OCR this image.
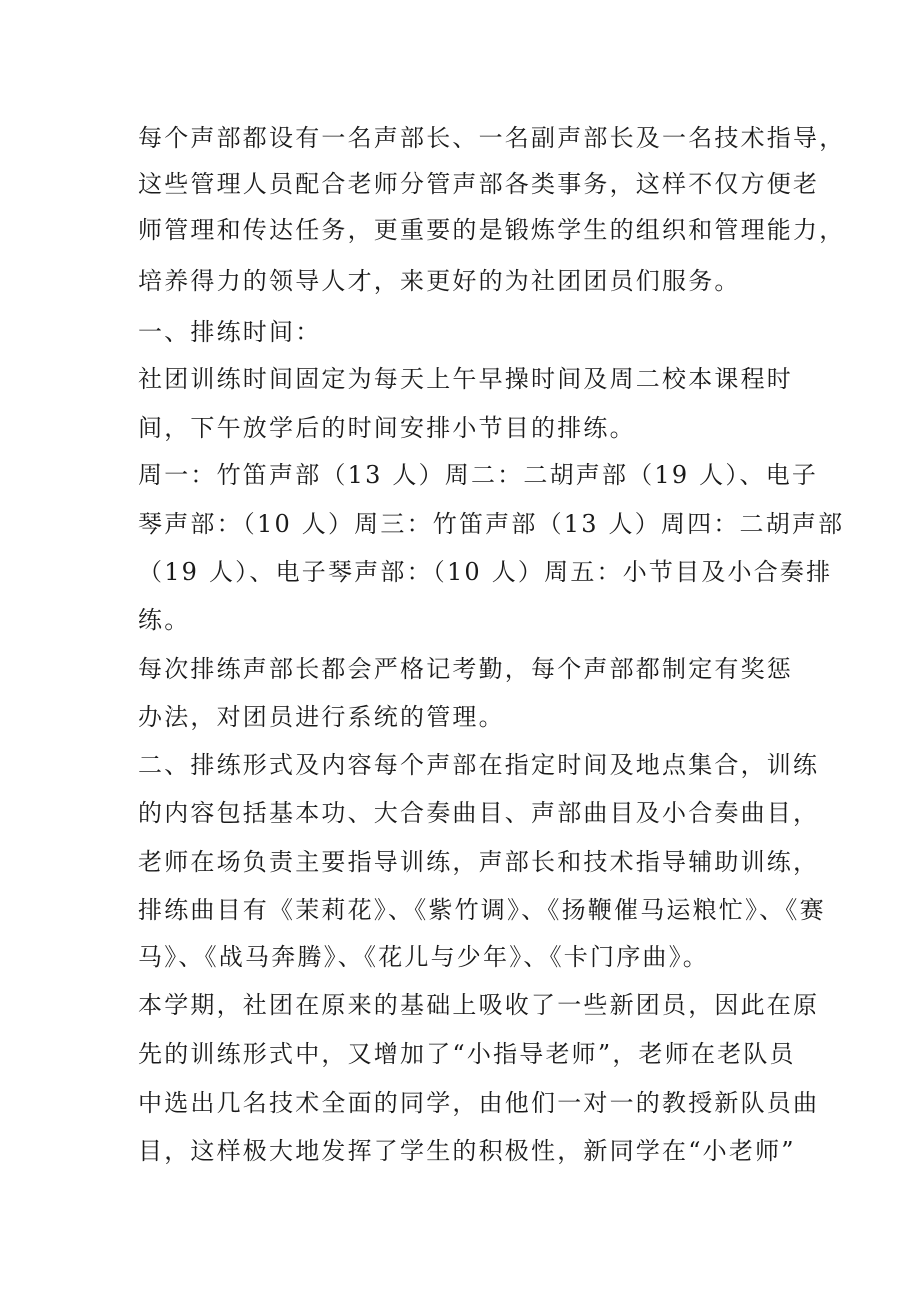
每个声部都设有一名声部长、一名副声部长及一名技术指导，
这些管理人员配合老师分管声部各类事务，这样不仅方便老
师管理和传达任务，更重要的是锻炼学生的组织和管理能力，
培养得力的领导人才，来更好的为社团团员们服务。
一、排练时间：
社团训练时间固定为每天上午早操时间及周二校本课程时
间，下午放学后的时间安排小节目的排练。
周一：竹笛声部（13 人）周二：二胡声部（19 人）、电子
琴声部：（10 人）周三：竹笛声部（13 人）周四：二胡声部
（19 人）、电子琴声部：（10 人）周五：小节目及小合奏排
练。
每次排练声部长都会严格记考勤，每个声部都制定有奖惩
办法，对团员进行系统的管理。
二、排练形式及内容每个声部在指定时间及地点集合，训练
的内容包括基本功、大合奏曲目、声部曲目及小合奏曲目，
老师在场负责主要指导训练，声部长和技术指导辅助训练，
排练曲目有《茉莉花》、《紫竹调》、《扬鞭催马运粮忙》、《赛
马》、《战马奔腾》、《花儿与少年》、《卡门序曲》。
本学期，社团在原来的基础上吸收了一些新团员，因此在原
先的训练形式中，又增加了“小指导老师”，老师在老队员
中选出几名技术全面的同学，由他们一对一的教授新队员曲
目，这样极大地发挥了学生的积极性，新同学在“小老师”
